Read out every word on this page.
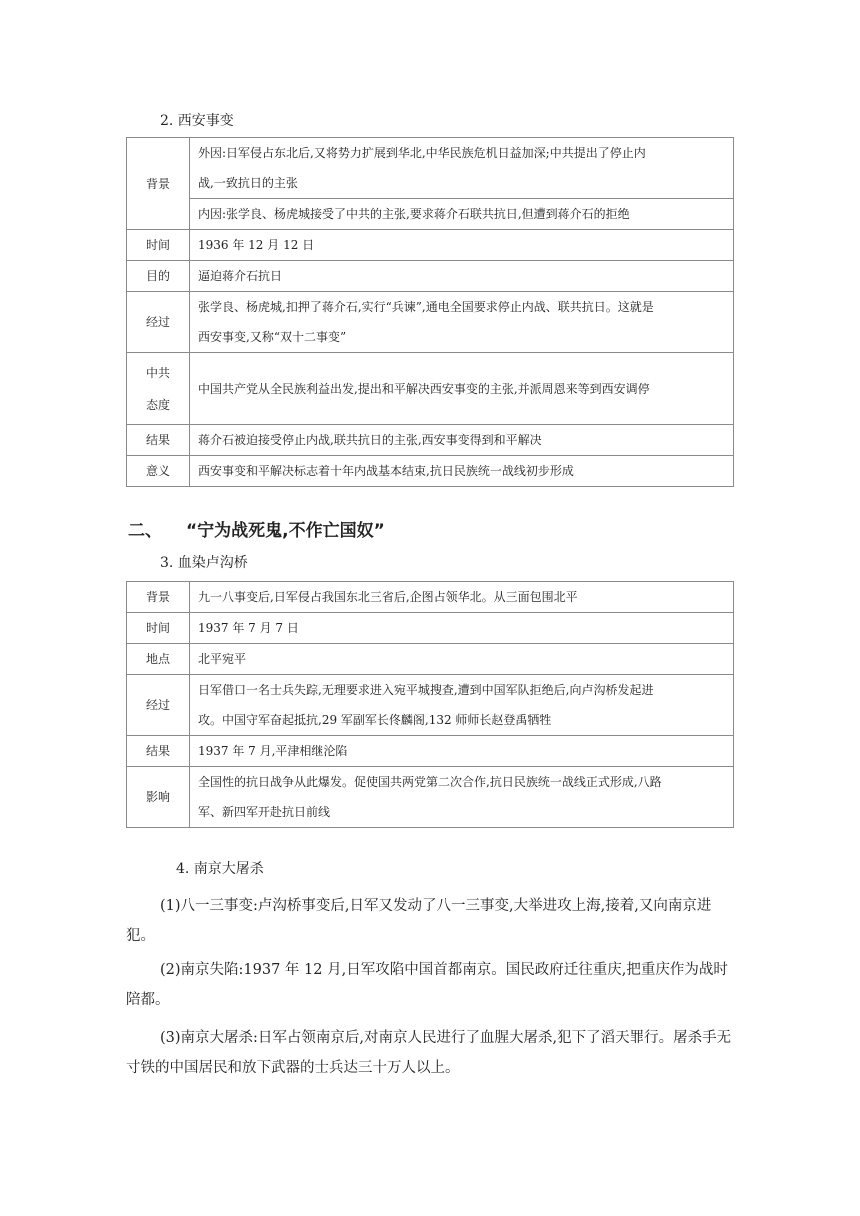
2. 西安事变
背景	外因:日军侵占东北后,又将势力扩展到华北,中华民族危机日益加深;中共提出了停止内
战,一致抗日的主张

	内因:张学良、杨虎城接受了中共的主张,要求蒋介石联共抗日,但遭到蒋介石的拒绝

时间	1936 年 12 月 12 日

目的	逼迫蒋介石抗日

经过	张学良、杨虎城,扣押了蒋介石,实行“兵谏”,通电全国要求停止内战、联共抗日。这就是
西安事变,又称“双十二事变”

中共
态度	中国共产党从全民族利益出发,提出和平解决西安事变的主张,并派周恩来等到西安调停

结果	蒋介石被迫接受停止内战,联共抗日的主张,西安事变得到和平解决

意义	西安事变和平解决标志着十年内战基本结束,抗日民族统一战线初步形成
二、 “宁为战死鬼,不作亡国奴”
3. 血染卢沟桥
背景	九一八事变后,日军侵占我国东北三省后,企图占领华北。从三面包围北平

时间	1937 年 7 月 7 日

地点	北平宛平

经过	日军借口一名士兵失踪,无理要求进入宛平城搜查,遭到中国军队拒绝后,向卢沟桥发起进
攻。中国守军奋起抵抗,29 军副军长佟麟阁,132 师师长赵登禹牺牲

结果	1937 年 7 月,平津相继沦陷

影响	全国性的抗日战争从此爆发。促使国共两党第二次合作,抗日民族统一战线正式形成,八路
军、新四军开赴抗日前线
4. 南京大屠杀
(1)八一三事变:卢沟桥事变后,日军又发动了八一三事变,大举进攻上海,接着,又向南京进犯。
(2)南京失陷:1937 年 12 月,日军攻陷中国首都南京。国民政府迁往重庆,把重庆作为战时陪都。
(3)南京大屠杀:日军占领南京后,对南京人民进行了血腥大屠杀,犯下了滔天罪行。屠杀手无寸铁的中国居民和放下武器的士兵达三十万人以上。
